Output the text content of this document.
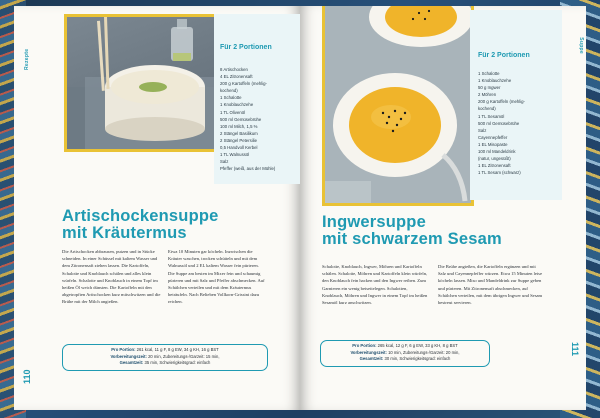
Rezepte
Für 2 Portionen
8 Artischocken
4 EL Zitronensaft
200 g Kartoffeln (mehlig-
kochend)
1 Schalotte
1 Knoblauchzehe
1 TL Olivenöl
500 ml Gemüsebrühe
100 ml Milch, 1,5 %
2 Stängel Basilikum
2 Stängel Petersilie
0,5 Handvoll Kerbel
1 TL Walnussöl
Salz
Pfeffer (weiß, aus der Mühle)
Artischockensuppe
mit Kräutermus

Die Artischocken abbrausen, putzen und in Stücke schneiden. In einer Schüssel mit kaltem Wasser und dem Zitronensaft ziehen lassen. Die Kartoffeln, Schalotte und Knoblauch schälen und alles klein würfeln. Schalotte und Knoblauch in einem Topf im heißen Öl weich dünsten. Die Kartoffeln mit den abgetropften Artischocken kurz mitschwitzen und die Brühe mit der Milch angießen.

Etwa 10 Minuten gar köcheln. Inzwischen die Kräuter waschen, trocken schütteln und mit dem Walnussöl und 2 EL kaltem Wasser fein pürieren. Die Suppe am besten im Mixer fein und schaumig pürieren und mit Salz und Pfeffer abschmecken. Auf Schälchen verteilen und mit dem Kräutermus beträufeln. Nach Belieben Vollkorn-Grissini dazu reichen.

Pro Portion: 261 kcal, 11 g F, 8 g EW, 34 g KH, 16 g BST
Vorbereitungszeit: 20 min, Zubereitungs-/Garzeit: 15 min,
Gesamtzeit: 35 min, Schwierigkeitsgrad: einfach
110
Suppe
Für 2 Portionen
1 Schalotte
1 Knoblauchzehe
50 g Ingwer
2 Möhren
200 g Kartoffeln (mehlig-
kochend)
1 TL Sesamöl
500 ml Gemüsebrühe
Salz
Cayennepfeffer
1 EL Misopaste
100 ml Mandeldrink
(natur, ungesüßt)
1 EL Zitronensaft
1 TL Sesam (schwarz)
Ingwersuppe
mit schwarzem Sesam

Schalotte, Knoblauch, Ingwer, Möhren und Kartoffeln schälen. Schalotte, Möhren und Kartoffeln klein würfeln, den Knoblauch fein hacken und den Ingwer reiben. Zum Garnieren ein wenig beiseitelegen. Schalotten, Knoblauch, Möhren und Ingwer in einem Topf im heißen Sesamöl kurz anschwitzen.

Die Brühe angießen, die Kartoffeln ergänzen und mit Salz und Cayennepfeffer würzen. Etwa 15 Minuten leise köcheln lassen. Miso und Mandeldrink zur Suppe geben und pürieren. Mit Zitronensaft abschmecken, auf Schälchen verteilen, mit dem übrigen Ingwer und Sesam bestreut servieren.

Pro Portion: 265 kcal, 12 g F, 6 g EW, 33 g KH, 8 g BST
Vorbereitungszeit: 10 min, Zubereitungs-/Garzeit: 20 min,
Gesamtzeit: 30 min, Schwierigkeitsgrad: einfach
111
